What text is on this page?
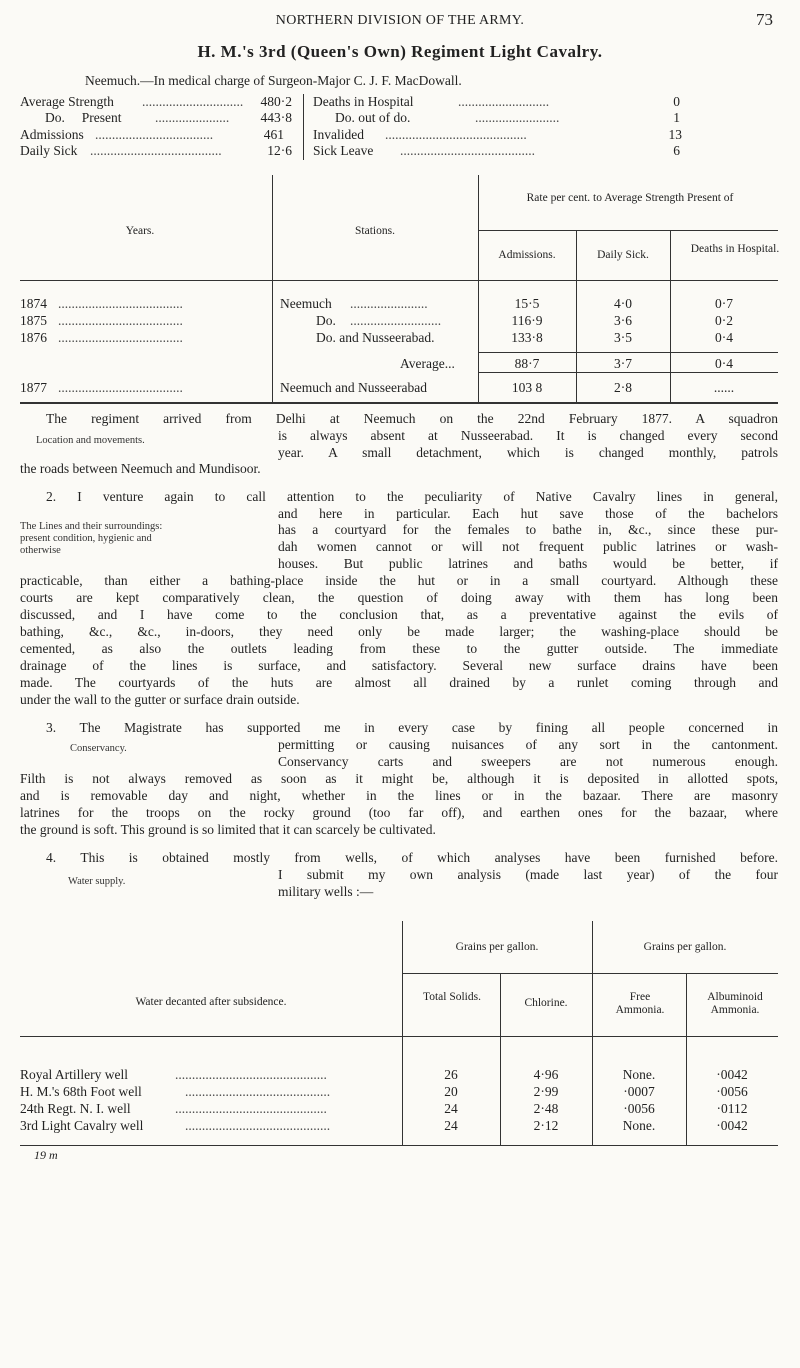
NORTHERN DIVISION OF THE ARMY.	73
H. M.'s 3rd (Queen's Own) Regiment Light Cavalry.
Neemuch.—In medical charge of Surgeon-Major C. J. F. MacDowall.
Average Strength	480·2
Do.     Present	443·8
Admissions	461
Daily Sick	12·6
Deaths in Hospital	0
Do. out of do.	1
Invalided	13
Sick Leave	6
..............................
......................
...................................
.......................................
...........................
.........................
..........................................
........................................
Years.	Stations.
Rate per cent. to Average Strength Present of
Admissions.	Daily Sick.	Deaths in Hospital.
1874 .....................................	Neemuch .......................	15·5	4·0	0·7
1875 .....................................	Do. ...........................	116·9	3·6	0·2
1876 .....................................	Do. and Nusseerabad.	133·8	3·5	0·4
Average...	88·7	3·7	0·4
1877 .....................................	Neemuch and Nusseerabad	103 8	2·8	......
The regiment arrived from Delhi at Neemuch on the 22nd February 1877. A squadron
Location and movements.	is always absent at Nusseerabad. It is changed every second
year. A small detachment, which is changed monthly, patrols
the roads between Neemuch and Mundisoor.
2. I venture again to call attention to the peculiarity of Native Cavalry lines in general,
and here in particular. Each hut save those of the bachelors
The Lines and their surroundings: present condition, hygienic and otherwise
has a courtyard for the females to bathe in, &c., since these pur-
dah women cannot or will not frequent public latrines or wash-
houses. But public latrines and baths would be better, if
practicable, than either a bathing-place inside the hut or in a small courtyard. Although these
courts are kept comparatively clean, the question of doing away with them has long been
discussed, and I have come to the conclusion that, as a preventative against the evils of
bathing, &c., &c., in-doors, they need only be made larger; the washing-place should be
cemented, as also the outlets leading from these to the gutter outside. The immediate
drainage of the lines is surface, and satisfactory. Several new surface drains have been
made. The courtyards of the huts are almost all drained by a runlet coming through and
under the wall to the gutter or surface drain outside.
3. The Magistrate has supported me in every case by fining all people concerned in
Conservancy.	permitting or causing nuisances of any sort in the cantonment.
Conservancy carts and sweepers are not numerous enough.
Filth is not always removed as soon as it might be, although it is deposited in allotted spots,
and is removable day and night, whether in the lines or in the bazaar. There are masonry
latrines for the troops on the rocky ground (too far off), and earthen ones for the bazaar, where
the ground is soft. This ground is so limited that it can scarcely be cultivated.
4. This is obtained mostly from wells, of which analyses have been furnished before.
Water supply.	I submit my own analysis (made last year) of the four
military wells :—
Water decanted after subsidence.
Grains per gallon.	Grains per gallon.
Total Solids.	Chlorine.	Free Ammonia.
Albuminoid Ammonia.
Royal Artillery well	.............................................	26	4·96	None.	·0042
H. M.'s 68th Foot well	...........................................	20	2·99	·0007	·0056
24th Regt. N. I. well	.............................................	24	2·48	·0056	·0112
3rd Light Cavalry well	...........................................	24	2·12	None.	·0042
19 m
